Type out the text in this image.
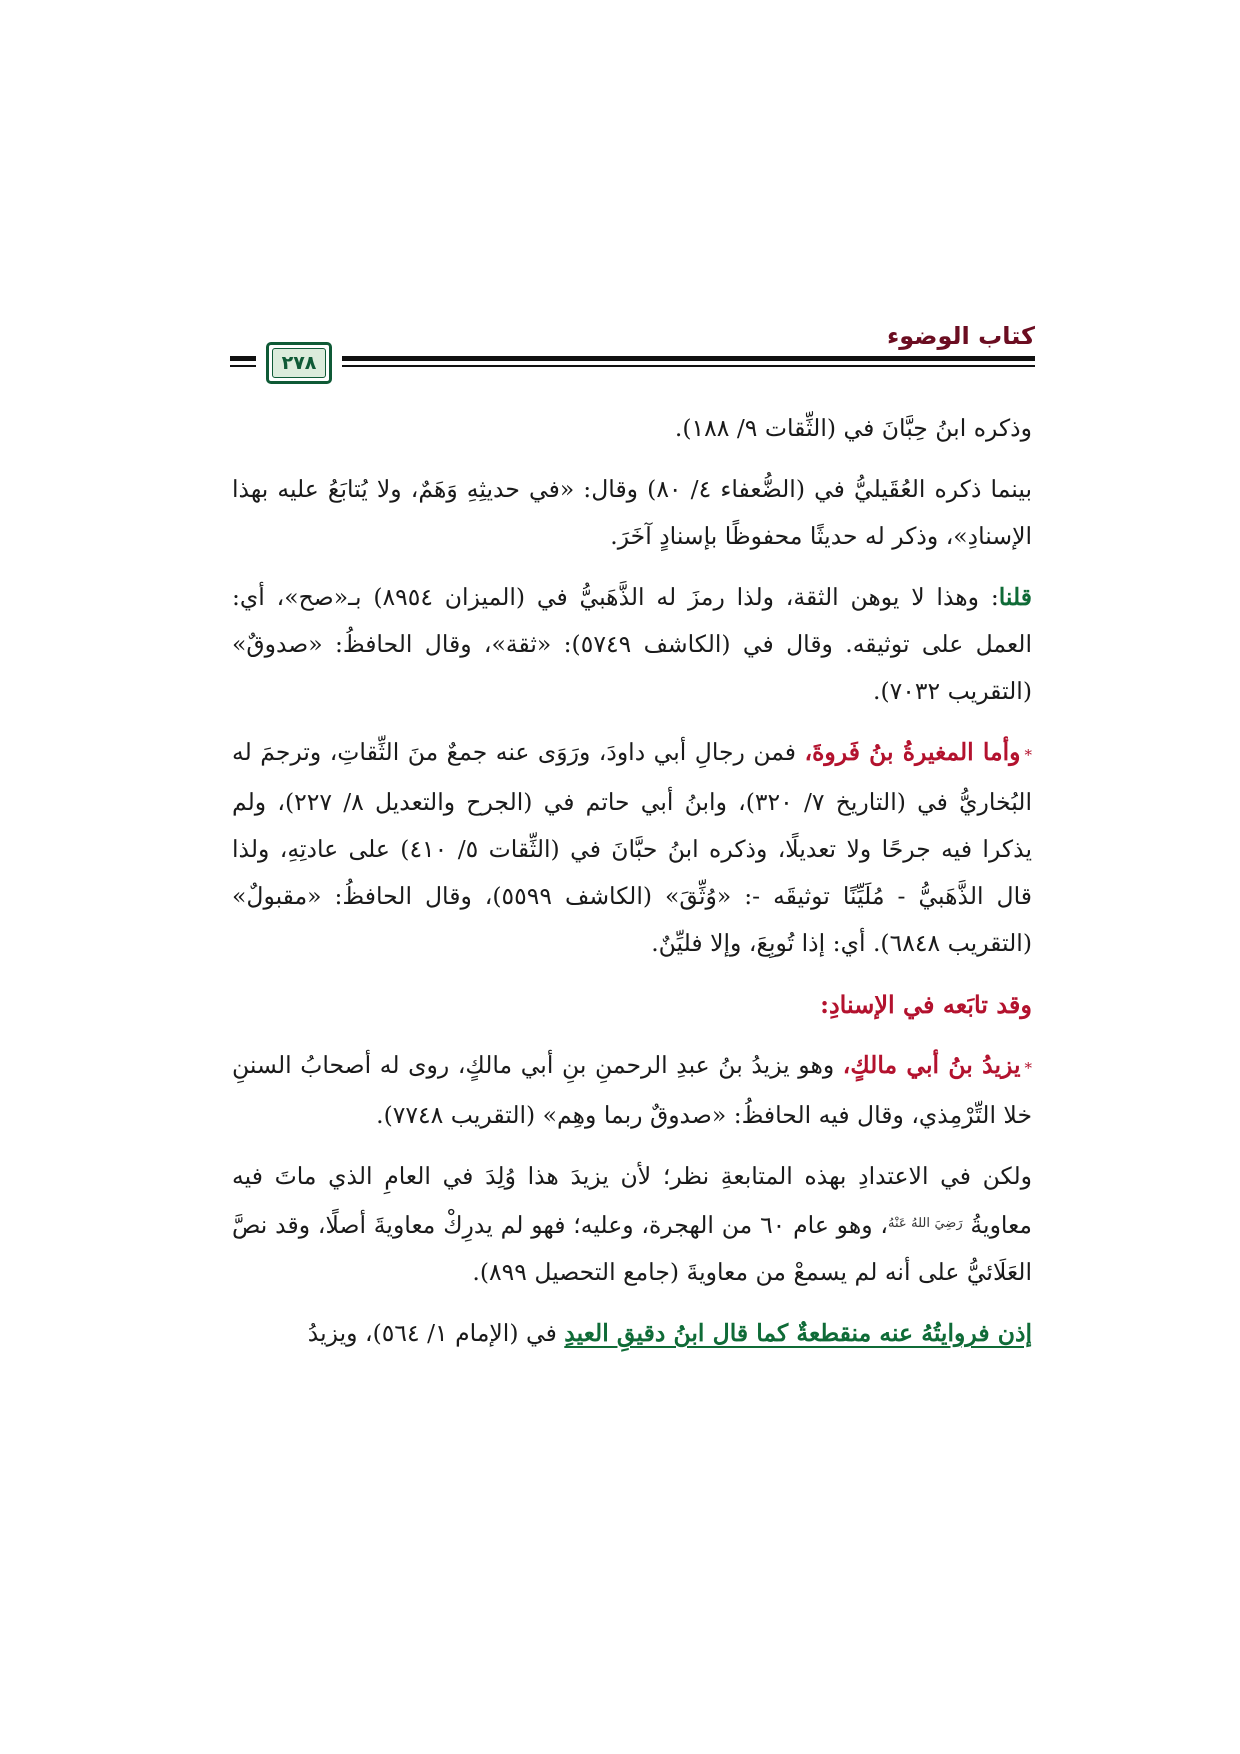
٢٧٨
كتاب الوضوء

وذكره ابنُ حِبَّانَ في (الثِّقات ٩/ ١٨٨).

بينما ذكره العُقَيليُّ في (الضُّعفاء ٤/ ٨٠) وقال: «في حديثِهِ وَهَمٌ، ولا يُتابَعُ عليه بهذا الإسنادِ»، وذكر له حديثًا محفوظًا بإسنادٍ آخَرَ.

قلنا: وهذا لا يوهن الثقة، ولذا رمزَ له الذَّهَبيُّ في (الميزان ٨٩٥٤) بـ«صح»، أي: العمل على توثيقه. وقال في (الكاشف ٥٧٤٩): «ثقة»، وقال الحافظُ: «صدوقٌ» (التقريب ٧٠٣٢).

*وأما المغيرةُ بنُ فَروةَ، فمن رجالِ أبي داودَ، ورَوَى عنه جمعٌ منَ الثِّقاتِ، وترجمَ له البُخاريُّ في (التاريخ ٧/ ٣٢٠)، وابنُ أبي حاتم في (الجرح والتعديل ٨/ ٢٢٧)، ولم يذكرا فيه جرحًا ولا تعديلًا، وذكره ابنُ حبَّانَ في (الثِّقات ٥/ ٤١٠) على عادتِهِ، ولذا قال الذَّهَبيُّ - مُلَيِّنًا توثيقَه -: «وُثِّقَ» (الكاشف ٥٥٩٩)، وقال الحافظُ: «مقبولٌ» (التقريب ٦٨٤٨). أي: إذا تُوبِعَ، وإلا فليِّنٌ.

وقد تابَعه في الإسنادِ:

*يزيدُ بنُ أبي مالكٍ، وهو يزيدُ بنُ عبدِ الرحمنِ بنِ أبي مالكٍ، روى له أصحابُ السننِ خلا التِّرْمِذي، وقال فيه الحافظُ: «صدوقٌ ربما وهِم» (التقريب ٧٧٤٨).

ولكن في الاعتدادِ بهذه المتابعةِ نظر؛ لأن يزيدَ هذا وُلِدَ في العامِ الذي ماتَ فيه معاويةُ $^{رَضِيَ اللهُ عَنْهُ}$، وهو عام ٦٠ من الهجرة، وعليه؛ فهو لم يدرِكْ معاويةَ أصلًا، وقد نصَّ العَلَائيُّ على أنه لم يسمعْ من معاويةَ (جامع التحصيل ٨٩٩).

إذن فروايتُهُ عنه منقطعةٌ كما قال ابنُ دقيقِ العيدِ في (الإمام ١/ ٥٦٤)، ويزيدُ
